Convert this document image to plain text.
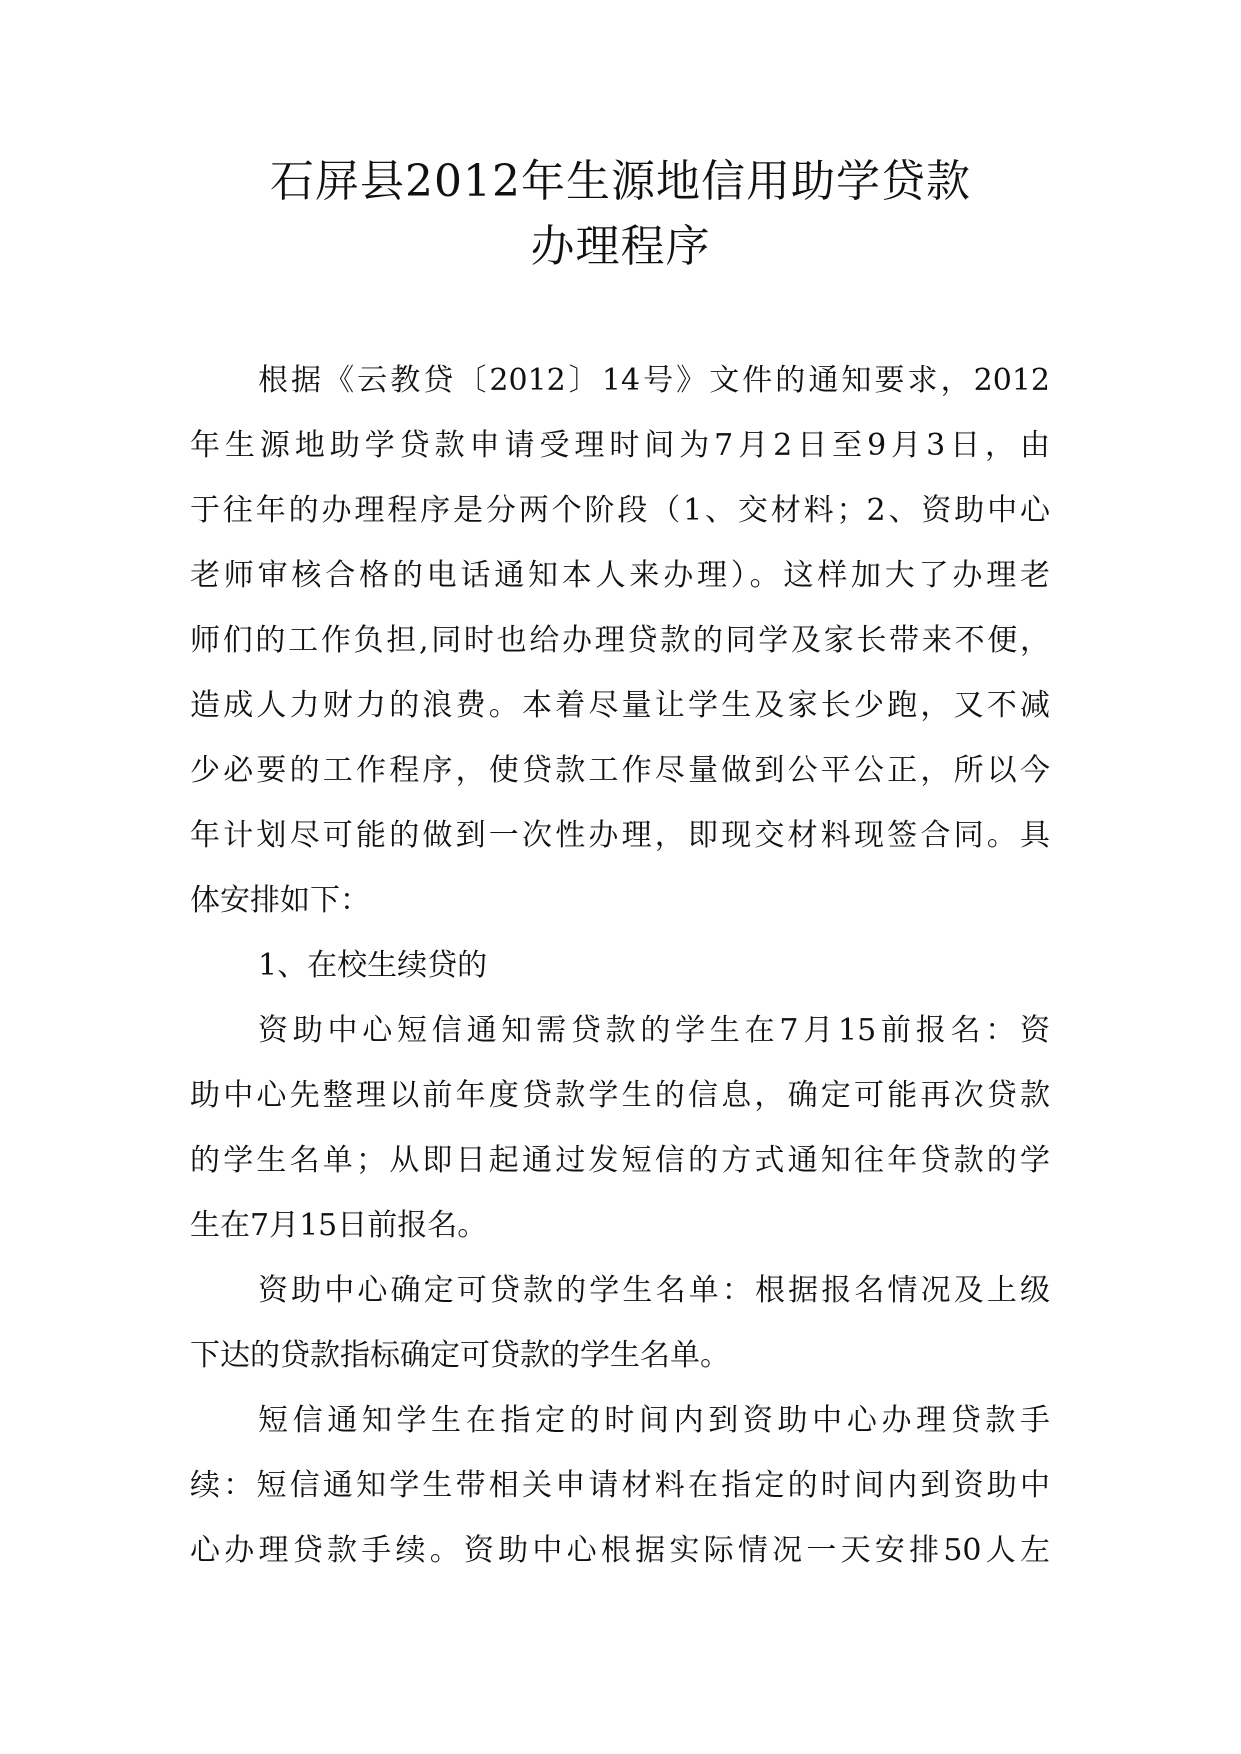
石屏县2012年生源地信用助学贷款
办理程序
根据《云教贷〔2012〕14号》文件的通知要求，2012
年生源地助学贷款申请受理时间为7月2日至9月3日，由
于往年的办理程序是分两个阶段（1、交材料；2、资助中心
老师审核合格的电话通知本人来办理）。这样加大了办理老
师们的工作负担,同时也给办理贷款的同学及家长带来不便，
造成人力财力的浪费。本着尽量让学生及家长少跑，又不减
少必要的工作程序，使贷款工作尽量做到公平公正，所以今
年计划尽可能的做到一次性办理，即现交材料现签合同。具
体安排如下：
1、在校生续贷的
资助中心短信通知需贷款的学生在7月15前报名：资
助中心先整理以前年度贷款学生的信息，确定可能再次贷款
的学生名单；从即日起通过发短信的方式通知往年贷款的学
生在7月15日前报名。
资助中心确定可贷款的学生名单：根据报名情况及上级
下达的贷款指标确定可贷款的学生名单。
短信通知学生在指定的时间内到资助中心办理贷款手
续：短信通知学生带相关申请材料在指定的时间内到资助中
心办理贷款手续。资助中心根据实际情况一天安排50人左
